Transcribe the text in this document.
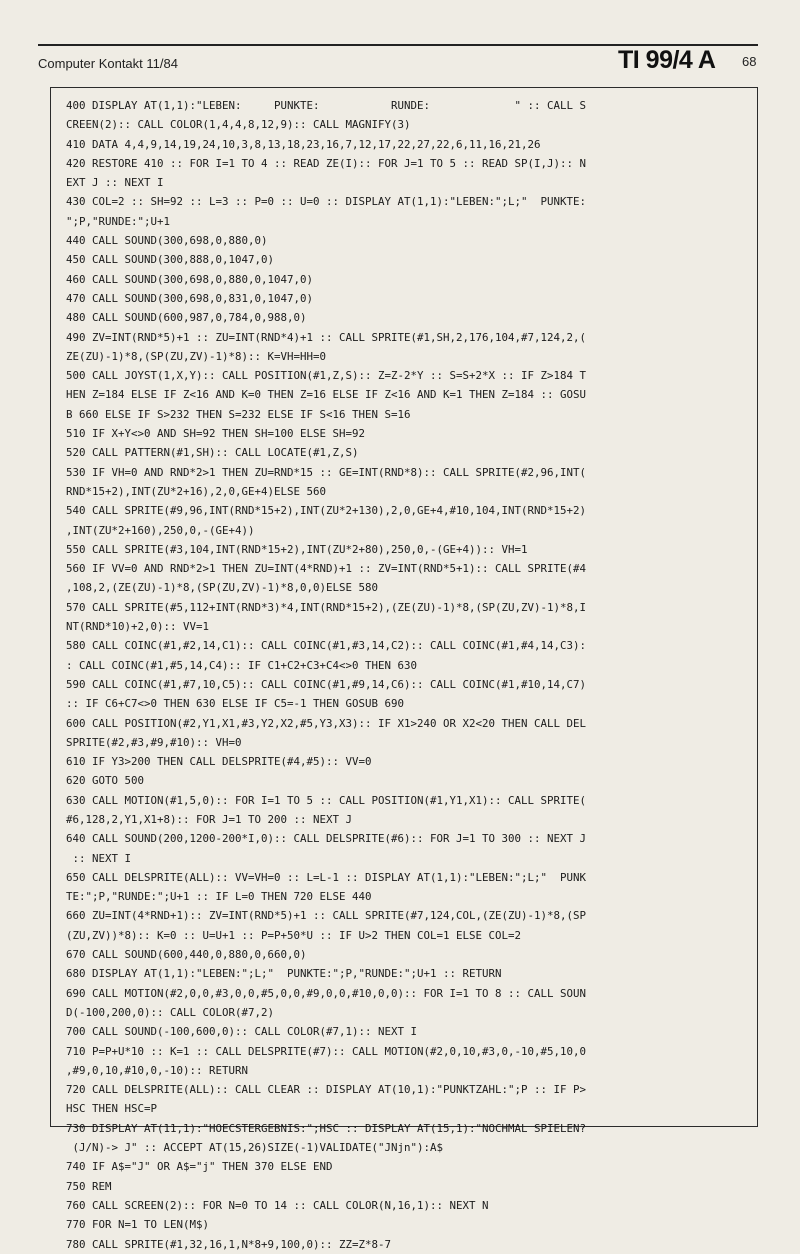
Computer Kontakt 11/84	TI 99/4 A 68
400 DISPLAY AT(1,1):"LEBEN:     PUNKTE:           RUNDE:             " :: CALL S
CREEN(2):: CALL COLOR(1,4,4,8,12,9):: CALL MAGNIFY(3)
410 DATA 4,4,9,14,19,24,10,3,8,13,18,23,16,7,12,17,22,27,22,6,11,16,21,26
420 RESTORE 410 :: FOR I=1 TO 4 :: READ ZE(I):: FOR J=1 TO 5 :: READ SP(I,J):: N
EXT J :: NEXT I
430 COL=2 :: SH=92 :: L=3 :: P=0 :: U=0 :: DISPLAY AT(1,1):"LEBEN:";L;"  PUNKTE:
";P,"RUNDE:";U+1
440 CALL SOUND(300,698,0,880,0)
450 CALL SOUND(300,888,0,1047,0)
460 CALL SOUND(300,698,0,880,0,1047,0)
470 CALL SOUND(300,698,0,831,0,1047,0)
480 CALL SOUND(600,987,0,784,0,988,0)
490 ZV=INT(RND*5)+1 :: ZU=INT(RND*4)+1 :: CALL SPRITE(#1,SH,2,176,104,#7,124,2,(
ZE(ZU)-1)*8,(SP(ZU,ZV)-1)*8):: K=VH=HH=0
500 CALL JOYST(1,X,Y):: CALL POSITION(#1,Z,S):: Z=Z-2*Y :: S=S+2*X :: IF Z>184 T
HEN Z=184 ELSE IF Z<16 AND K=0 THEN Z=16 ELSE IF Z<16 AND K=1 THEN Z=184 :: GOSU
B 660 ELSE IF S>232 THEN S=232 ELSE IF S<16 THEN S=16
510 IF X+Y<>0 AND SH=92 THEN SH=100 ELSE SH=92
520 CALL PATTERN(#1,SH):: CALL LOCATE(#1,Z,S)
530 IF VH=0 AND RND*2>1 THEN ZU=RND*15 :: GE=INT(RND*8):: CALL SPRITE(#2,96,INT(
RND*15+2),INT(ZU*2+16),2,0,GE+4)ELSE 560
540 CALL SPRITE(#9,96,INT(RND*15+2),INT(ZU*2+130),2,0,GE+4,#10,104,INT(RND*15+2)
,INT(ZU*2+160),250,0,-(GE+4))
550 CALL SPRITE(#3,104,INT(RND*15+2),INT(ZU*2+80),250,0,-(GE+4)):: VH=1
560 IF VV=0 AND RND*2>1 THEN ZU=INT(4*RND)+1 :: ZV=INT(RND*5+1):: CALL SPRITE(#4
,108,2,(ZE(ZU)-1)*8,(SP(ZU,ZV)-1)*8,0,0)ELSE 580
570 CALL SPRITE(#5,112+INT(RND*3)*4,INT(RND*15+2),(ZE(ZU)-1)*8,(SP(ZU,ZV)-1)*8,I
NT(RND*10)+2,0):: VV=1
580 CALL COINC(#1,#2,14,C1):: CALL COINC(#1,#3,14,C2):: CALL COINC(#1,#4,14,C3):
: CALL COINC(#1,#5,14,C4):: IF C1+C2+C3+C4<>0 THEN 630
590 CALL COINC(#1,#7,10,C5):: CALL COINC(#1,#9,14,C6):: CALL COINC(#1,#10,14,C7)
:: IF C6+C7<>0 THEN 630 ELSE IF C5=-1 THEN GOSUB 690
600 CALL POSITION(#2,Y1,X1,#3,Y2,X2,#5,Y3,X3):: IF X1>240 OR X2<20 THEN CALL DEL
SPRITE(#2,#3,#9,#10):: VH=0
610 IF Y3>200 THEN CALL DELSPRITE(#4,#5):: VV=0
620 GOTO 500
630 CALL MOTION(#1,5,0):: FOR I=1 TO 5 :: CALL POSITION(#1,Y1,X1):: CALL SPRITE(
#6,128,2,Y1,X1+8):: FOR J=1 TO 200 :: NEXT J
640 CALL SOUND(200,1200-200*I,0):: CALL DELSPRITE(#6):: FOR J=1 TO 300 :: NEXT J
:: NEXT I
650 CALL DELSPRITE(ALL):: VV=VH=0 :: L=L-1 :: DISPLAY AT(1,1):"LEBEN:";L;"  PUNK
TE:";P,"RUNDE:";U+1 :: IF L=0 THEN 720 ELSE 440
660 ZU=INT(4*RND+1):: ZV=INT(RND*5)+1 :: CALL SPRITE(#7,124,COL,(ZE(ZU)-1)*8,(SP
(ZU,ZV))*8):: K=0 :: U=U+1 :: P=P+50*U :: IF U>2 THEN COL=1 ELSE COL=2
670 CALL SOUND(600,440,0,880,0,660,0)
680 DISPLAY AT(1,1):"LEBEN:";L;"  PUNKTE:";P,"RUNDE:";U+1 :: RETURN
690 CALL MOTION(#2,0,0,#3,0,0,#5,0,0,#9,0,0,#10,0,0):: FOR I=1 TO 8 :: CALL SOUN
D(-100,200,0):: CALL COLOR(#7,2)
700 CALL SOUND(-100,600,0):: CALL COLOR(#7,1):: NEXT I
710 P=P+U*10 :: K=1 :: CALL DELSPRITE(#7):: CALL MOTION(#2,0,10,#3,0,-10,#5,10,0
,#9,0,10,#10,0,-10):: RETURN
720 CALL DELSPRITE(ALL):: CALL CLEAR :: DISPLAY AT(10,1):"PUNKTZAHL:";P :: IF P>
HSC THEN HSC=P
730 DISPLAY AT(11,1):"HOECSTERGEBNIS:";HSC :: DISPLAY AT(15,1):"NOCHMAL SPIELEN?
(J/N)-> J" :: ACCEPT AT(15,26)SIZE(-1)VALIDATE("JNjn"):A$
740 IF A$="J" OR A$="j" THEN 370 ELSE END
750 REM
760 CALL SCREEN(2):: FOR N=0 TO 14 :: CALL COLOR(N,16,1):: NEXT N
770 FOR N=1 TO LEN(M$)
780 CALL SPRITE(#1,32,16,1,N*8+9,100,0):: ZZ=Z*8-7
